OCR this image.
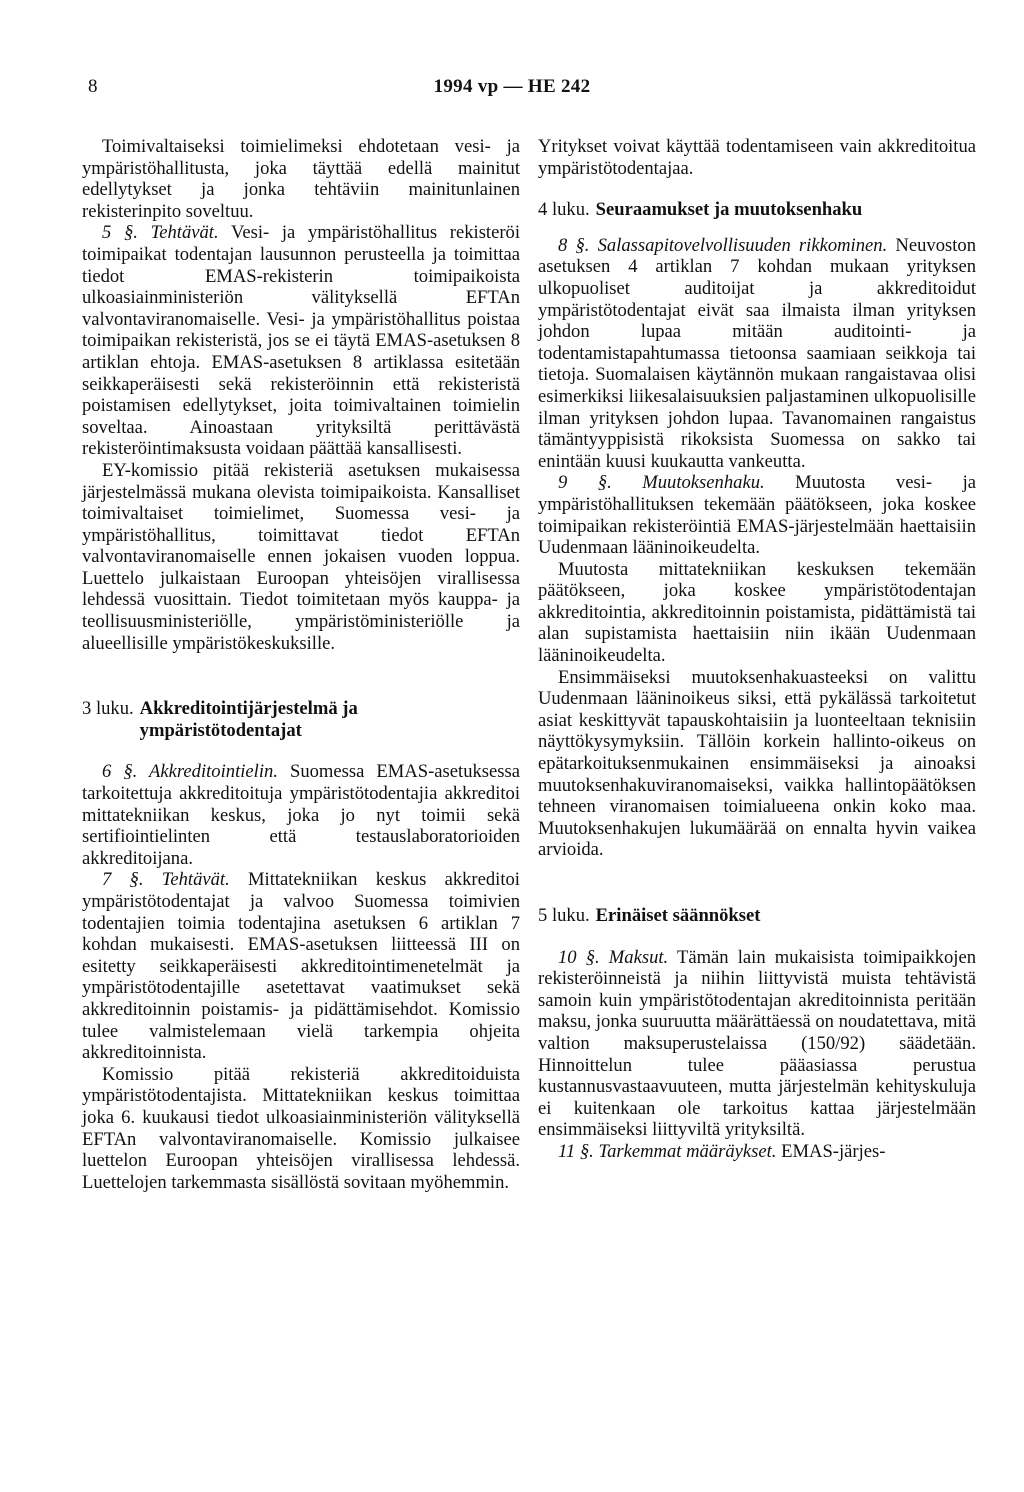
8	1994 vp — HE 242

Toimivaltaiseksi toimielimeksi ehdotetaan vesi- ja ympäristöhallitusta, joka täyttää edellä mainitut edellytykset ja jonka tehtäviin mainitunlainen rekisterinpito soveltuu.

5 §. Tehtävät. Vesi- ja ympäristöhallitus rekisteröi toimipaikat todentajan lausunnon perusteella ja toimittaa tiedot EMAS-rekisterin toimipaikoista ulkoasiainministeriön välityksellä EFTAn valvontaviranomaiselle. Vesi- ja ympäristöhallitus poistaa toimipaikan rekisteristä, jos se ei täytä EMAS-asetuksen 8 artiklan ehtoja. EMAS-asetuksen 8 artiklassa esitetään seikkaperäisesti sekä rekisteröinnin että rekisteristä poistamisen edellytykset, joita toimivaltainen toimielin soveltaa. Ainoastaan yrityksiltä perittävästä rekisteröintimaksusta voidaan päättää kansallisesti.

EY-komissio pitää rekisteriä asetuksen mukaisessa järjestelmässä mukana olevista toimipaikoista. Kansalliset toimivaltaiset toimielimet, Suomessa vesi- ja ympäristöhallitus, toimittavat tiedot EFTAn valvontaviranomaiselle ennen jokaisen vuoden loppua. Luettelo julkaistaan Euroopan yhteisöjen virallisessa lehdessä vuosittain. Tiedot toimitetaan myös kauppa- ja teollisuusministeriölle, ympäristöministeriölle ja alueellisille ympäristökeskuksille.

3 luku. Akkreditointijärjestelmä ja ympäristötodentajat

6 §. Akkreditointielin. Suomessa EMAS-asetuksessa tarkoitettuja akkreditoituja ympäristötodentajia akkreditoi mittatekniikan keskus, joka jo nyt toimii sekä sertifiointielinten että testauslaboratorioiden akkreditoijana.

7 §. Tehtävät. Mittatekniikan keskus akkreditoi ympäristötodentajat ja valvoo Suomessa toimivien todentajien toimia todentajina asetuksen 6 artiklan 7 kohdan mukaisesti. EMAS-asetuksen liitteessä III on esitetty seikkaperäisesti akkreditointimenetelmät ja ympäristötodentajille asetettavat vaatimukset sekä akkreditoinnin poistamis- ja pidättämisehdot. Komissio tulee valmistelemaan vielä tarkempia ohjeita akkreditoinnista.

Komissio pitää rekisteriä akkreditoiduista ympäristötodentajista. Mittatekniikan keskus toimittaa joka 6. kuukausi tiedot ulkoasiainministeriön välityksellä EFTAn valvontaviranomaiselle. Komissio julkaisee luettelon Euroopan yhteisöjen virallisessa lehdessä. Luettelojen tarkemmasta sisällöstä sovitaan myöhemmin.

Yritykset voivat käyttää todentamiseen vain akkreditoitua ympäristötodentajaa.

4 luku. Seuraamukset ja muutoksenhaku

8 §. Salassapitovelvollisuuden rikkominen. Neuvoston asetuksen 4 artiklan 7 kohdan mukaan yrityksen ulkopuoliset auditoijat ja akkreditoidut ympäristötodentajat eivät saa ilmaista ilman yrityksen johdon lupaa mitään auditointi- ja todentamistapahtumassa tietoonsa saamiaan seikkoja tai tietoja. Suomalaisen käytännön mukaan rangaistavaa olisi esimerkiksi liikesalaisuuksien paljastaminen ulkopuolisille ilman yrityksen johdon lupaa. Tavanomainen rangaistus tämäntyyppisistä rikoksista Suomessa on sakko tai enintään kuusi kuukautta vankeutta.

9 §. Muutoksenhaku. Muutosta vesi- ja ympäristöhallituksen tekemään päätökseen, joka koskee toimipaikan rekisteröintiä EMAS-järjestelmään haettaisiin Uudenmaan lääninoikeudelta.

Muutosta mittatekniikan keskuksen tekemään päätökseen, joka koskee ympäristötodentajan akkreditointia, akkreditoinnin poistamista, pidättämistä tai alan supistamista haettaisiin niin ikään Uudenmaan lääninoikeudelta.

Ensimmäiseksi muutoksenhakuasteeksi on valittu Uudenmaan lääninoikeus siksi, että pykälässä tarkoitetut asiat keskittyvät tapauskohtaisiin ja luonteeltaan teknisiin näyttökysymyksiin. Tällöin korkein hallinto-oikeus on epätarkoituksenmukainen ensimmäiseksi ja ainoaksi muutoksenhakuviranomaiseksi, vaikka hallintopäätöksen tehneen viranomaisen toimialueena onkin koko maa. Muutoksenhakujen lukumäärää on ennalta hyvin vaikea arvioida.

5 luku. Erinäiset säännökset

10 §. Maksut. Tämän lain mukaisista toimipaikkojen rekisteröinneistä ja niihin liittyvistä muista tehtävistä samoin kuin ympäristötodentajan akreditoinnista peritään maksu, jonka suuruutta määrättäessä on noudatettava, mitä valtion maksuperustelaissa (150/92) säädetään. Hinnoittelun tulee pääasiassa perustua kustannusvastaavuuteen, mutta järjestelmän kehityskuluja ei kuitenkaan ole tarkoitus kattaa järjestelmään ensimmäiseksi liittyviltä yrityksiltä.

11 §. Tarkemmat määräykset. EMAS-järjes-
